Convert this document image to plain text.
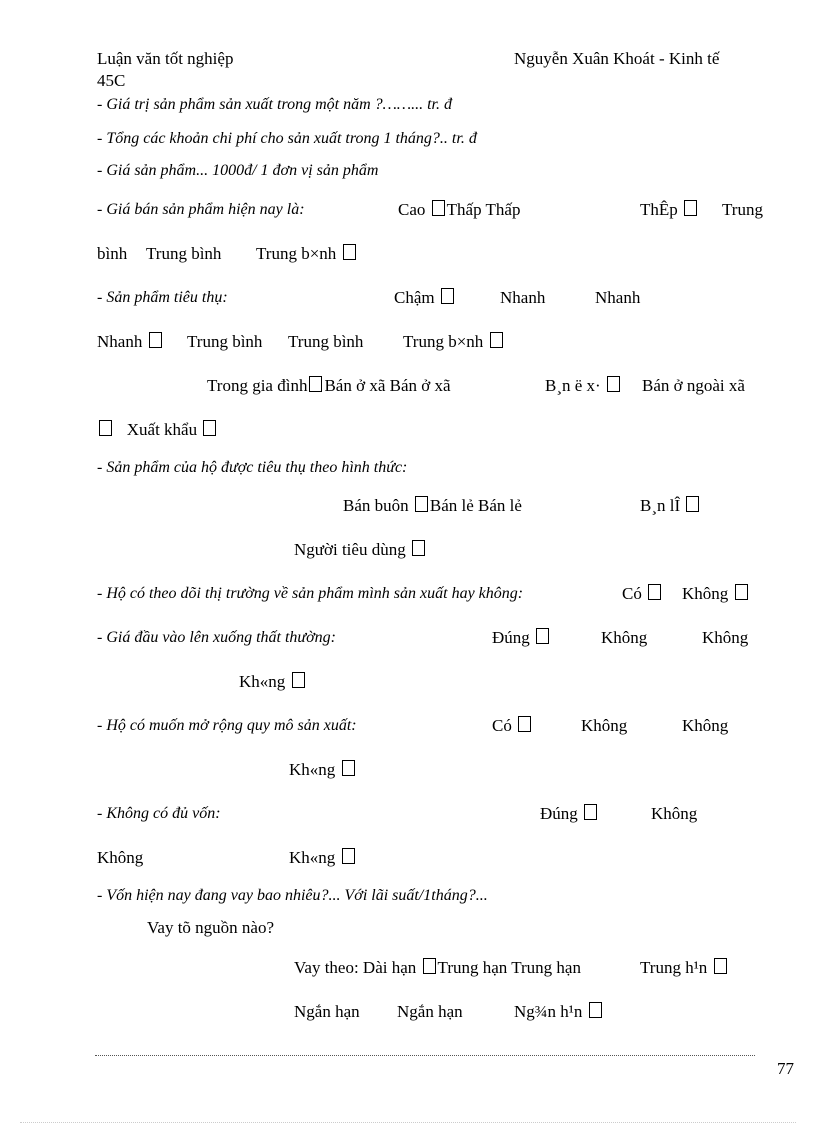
Luận văn tốt nghiệp	Nguyễn Xuân Khoát - Kinh tế
45C
- Giá trị sản phẩm sản xuất trong một năm ?……... tr. đ
- Tổng các khoản chi phí cho sản xuất trong 1 tháng?.. tr. đ
- Giá sản phẩm... 1000đ/ 1 đơn vị sản phẩm
- Giá bán sản phẩm hiện nay là:	Cao Thấp Thấp	ThÊp	Trung
bình Trung bình Trung b×nh
- Sản phẩm tiêu thụ:	Chậm	Nhanh	Nhanh
Nhanh	Trung bình Trung bình Trung b×nh
Trong gia đình Bán ở xã Bán ở xã	B¸n ë x·	Bán ở ngoài xã
Xuất khẩu
- Sản phẩm của hộ được tiêu thụ theo hình thức:
Bán buôn Bán lẻ Bán lẻ	B¸n lÎ
Người tiêu dùng
- Hộ có theo dõi thị trường về sản phẩm mình sản xuất hay không:	Có	Không
- Giá đầu vào lên xuống thất thường:	Đúng	Không	Không
Kh«ng
- Hộ có muốn mở rộng quy mô sản xuất:	Có	Không	Không
Kh«ng
- Không có đủ vốn:	Đúng	Không
Không	Kh«ng
- Vốn hiện nay đang vay bao nhiêu?... Với lãi suất/1tháng?...
Vay tõ nguồn nào?
Vay theo: Dài hạn Trung hạn Trung hạn	Trung h¹n
Ngắn hạn Ngắn hạn	Ng¾n h¹n
77
